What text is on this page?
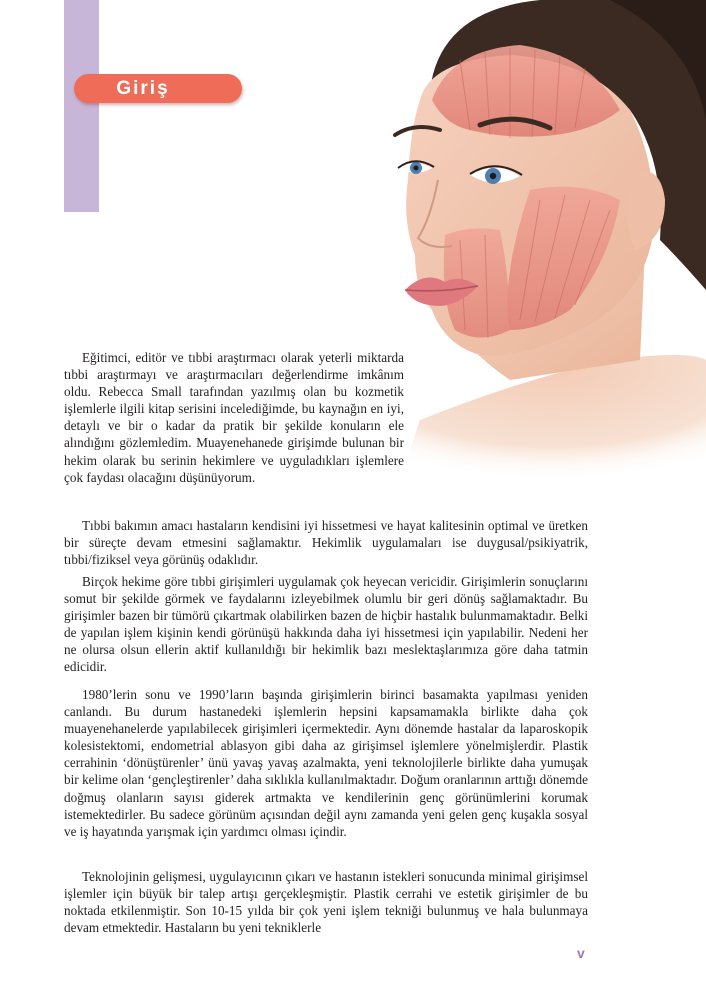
Giriş

Eğitimci, editör ve tıbbi araştırmacı olarak yeterli miktarda tıbbi araştırmayı ve araştırmacıları değerlendirme imkânım oldu. Rebecca Small tarafından yazılmış olan bu kozmetik işlemlerle ilgili kitap serisini incelediğimde, bu kaynağın en iyi, detaylı ve bir o kadar da pratik bir şekilde konuların ele alındığını gözlemledim. Muayenehanede girişimde bulunan bir hekim olarak bu serinin hekimlere ve uyguladıkları işlemlere çok faydası olacağını düşünüyorum.

Tıbbi bakımın amacı hastaların kendisini iyi hissetmesi ve hayat kalitesinin optimal ve üretken bir süreçte devam etmesini sağlamaktır. Hekimlik uygulamaları ise duygusal/psikiyatrik, tıbbi/fiziksel veya görünüş odaklıdır.

Birçok hekime göre tıbbi girişimleri uygulamak çok heyecan vericidir. Girişimlerin sonuçlarını somut bir şekilde görmek ve faydalarını izleyebilmek olumlu bir geri dönüş sağlamaktadır. Bu girişimler bazen bir tümörü çıkartmak olabilirken bazen de hiçbir hastalık bulunmamaktadır. Belki de yapılan işlem kişinin kendi görünüşü hakkında daha iyi hissetmesi için yapılabilir. Nedeni her ne olursa olsun ellerin aktif kullanıldığı bir hekimlik bazı meslektaşlarımıza göre daha tatmin edicidir.

1980’lerin sonu ve 1990’ların başında girişimlerin birinci basamakta yapılması yeniden canlandı. Bu durum hastanedeki işlemlerin hepsini kapsamamakla birlikte daha çok muayenehanelerde yapılabilecek girişimleri içermektedir. Aynı dönemde hastalar da laparoskopik kolesistektomi, endometrial ablasyon gibi daha az girişimsel işlemlere yönelmişlerdir. Plastik cerrahinin ‘dönüştürenler’ ünü yavaş yavaş azalmakta, yeni teknolojilerle birlikte daha yumuşak bir kelime olan ‘gençleştirenler’ daha sıklıkla kullanılmaktadır. Doğum oranlarının arttığı dönemde doğmuş olanların sayısı giderek artmakta ve kendilerinin genç görünümlerini korumak istemektedirler. Bu sadece görünüm açısından değil aynı zamanda yeni gelen genç kuşakla sosyal ve iş hayatında yarışmak için yardımcı olması içindir.

Teknolojinin gelişmesi, uygulayıcının çıkarı ve hastanın istekleri sonucunda minimal girişimsel işlemler için büyük bir talep artışı gerçekleşmiştir. Plastik cerrahi ve estetik girişimler de bu noktada etkilenmiştir. Son 10-15 yılda bir çok yeni işlem tekniği bulunmuş ve hala bulunmaya devam etmektedir. Hastaların bu yeni tekniklerle

v
